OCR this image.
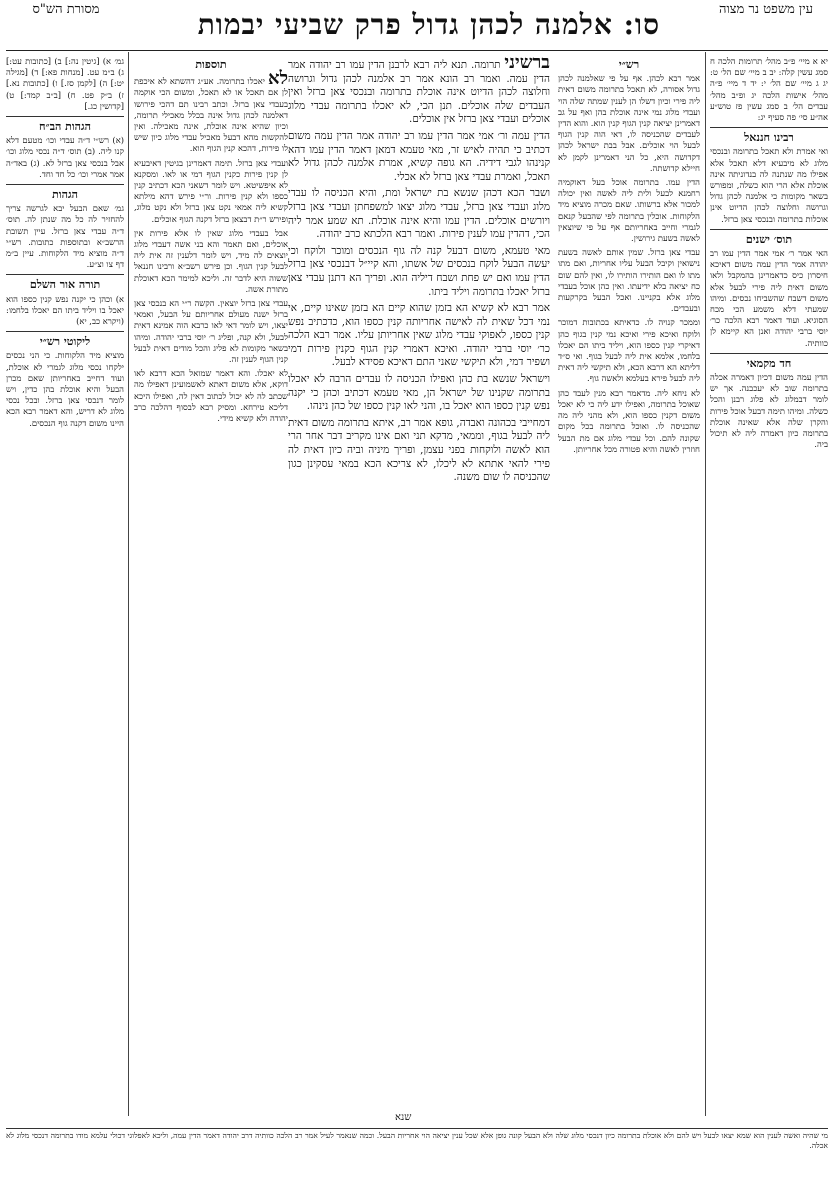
עין משפט נר מצוה
סו: אלמנה לכהן גדול פרק שביעי יבמות
מסורת הש"ס

יא א מיי׳ פ״ב מהל׳ תרומות הלכה ח סמג עשין קלה: יב ב מיי׳ שם הל׳ ט: יג ג מיי׳ שם הל׳ י: יד ד מיי׳ פ״ה מהל׳ אישות הלכה יג ופ״ב מהל׳ עבדים הל׳ ב סמג עשין פז טוש״ע אה״ע סי׳ פה סעיף יג:

רבינו חננאל

ואי אמרת ולא תאכל בתרומה ובנכסי מלוג לא מיבעיא דלא תאכל אלא אפילו מה שנתנה לה בנדוניתה אינה אוכלת אלא הרי הוא כשלה, ומפורש בשאר מקומות כי אלמנה לכהן גדול וגרושה וחלוצה לכהן הדיוט אינן אוכלות בתרומה ובנכסי צאן ברזל.

תוס׳ ישנים

האי אמר ר׳ אמי אמר הדין עמו רב יהודה אמר הדין עמה משום דאיכא חיסרון כיס כדאמרינן בהמקבל ולאו משום דאית ליה פירי לבעל אלא משום דשבח שהשביחו נכסים. ומיהו שמעתי דלא משמע הכי מכח הסוגיא. ועוד דאמר רבא הלכה כר׳ יוסי ברבי יהודה ואנן הא קיימא לן כוותיה.

חד מקמאי

הדין עמה משום דכיון דאמרה אכלה בתרומה שוב לא יעכבנה. אך יש לומר דבמלוג לא פלוג רבנן והכל כשלה. ומיהו תימה דבעל אוכל פירות והקרן שלה אלא שאינה אוכלת בתרומה כיון דאמרה ליה לא תיכול ביה.

רש״י

אמר רבא לכהן. אף על פי שאלמנה לכהן גדול אסורה, לא תאכל בתרומה משום דאית ליה פירי וכיון דשלו הן לענין שמתה שלה הוי ועבדי מלוג נמי אינה אוכלת בהן ואף על גב דאמרינן יציאה קנין הגוף קנין הוא. והוא הדין לעבדים שהכניסה לו, דאי הוה קנין הגוף לבעל הוי אוכלים. אבל בבת ישראל לכהן דקדושה היא, כל הני דאמרינן לקמן לא חיילא קדושתה.

הדין עמו. בתרומה אוכל בעל דאוקמיה רחמנא לבעל ולית ליה לאשה ואין יכולה למכור אלא ברשותו. שאם מכרה מוציא מיד הלקוחות. אוכלין בתרומה לפי שהבעל קנאם לגמרי וחייב באחריותם אף על פי שיוצאין לאשה בשעת גירושין.

עבדי צאן ברזל. שמין אותם לאשה בשעת נישואין וקיבל הבעל עליו אחריות, ואם מתו מתו לו ואם הותירו הותירו לו, ואין להם שום כח יציאה בלא ידיעתו. ואין כהן אוכל בעבדי מלוג אלא בקניינו. ואכל הבעל בקרקעות ובעבדים.

וממכר קנויה לו. כדאיתא בכתובות דמוכר ולוקח ואיכא פירי ואיכא נמי קנין בגוף כהן דאיקרי קנין כספו הוא, ויליד ביתו הם יאכלו בלחמו, אלמא אית ליה לבעל בגוף. ואי ס״ד דליתא הא דרבא הכא, ולא תיקשי ליה דאית ליה לבעל פירא בעלמא ולאשה גוף.

לא ניחא ליה. מדאמר רבא מנין לעבד כהן שאוכל בתרומה, ואפילו ידע ליה כי לא יאכל משום דקנין כספו הוא, ולא מהני ליה מה שהכניסה לו. ואוכל בתרומה בכל מקום שקונה להם. וכל עבדי מלוג אם מת הבעל חוזרין לאשה והיא פטורה מכל אחריותן.

ברשיני תרומה. תנא ליה רבא לרבנן הדין עמו רב יהודה אמר הדין עמה. ואמר רב הונא אמר רב אלמנה לכהן גדול וגרושה וחלוצה לכהן הדיוט אינה אוכלת בתרומה ובנכסי צאן ברזל ואין העבדים שלה אוכלים. תנן הכי, לא יאכלו בתרומה עבדי מלוג אוכלים ועבדי צאן ברזל אין אוכלים.

הדין עמה ור׳ אמי אמר הדין עמו רב יהודה אמר הדין עמה משום דכתיב כי תהיה לאיש זר, מאי טעמא דמאן דאמר הדין עמו דהא קנינהו לגבי דידיה. הא גופה קשיא, אמרת אלמנה לכהן גדול לא תאכל, ואמרת עבדי צאן ברזל לא אכלי.

ושבר הכא דכהן שנשא בת ישראל ומת, והיא הכניסה לו עבדי מלוג ועבדי צאן ברזל, עבדי מלוג יצאו למשפחתן ועבדי צאן ברזל ויורשים אוכלים. הדין עמו והיא אינה אוכלת. תא שמע אמר ליה הכי, דהדין עמו לענין פירות. ואמר רבא הלכתא כרב יהודה.

מאי טעמא, משום דבעל קנה לה גוף הנכסים ומוכר ולוקח וכי יעשה הבעל לוקח בנכסים של אשתו, והא קיי״ל דבנכסי צאן ברזל הדין עמו ואם יש פחת ושבח דיליה הוא. ופריך הא דתנן עבדי צאן ברזל יאכלו בתרומה ויליד ביתו.

אמר רבא לא קשיא הא בזמן שהוא קיים הא בזמן שאינו קיים, אי נמי דכל שאית לה לאישה אחריותה קנין כספו הוא, כדכתיב נפש קנין כספו, לאפוקי עבדי מלוג שאין אחריותן עליו. אמר רבא הלכה כר׳ יוסי ברבי יהודה. ואיכא דאמרי קנין הגוף כקנין פירות דמי ושפיר דמי, ולא תיקשי שאני התם דאיכא פסידא לבעל.

וישראל שנשא בת כהן ואפילו הכניסה לו עבדים הרבה לא יאכלו בתרומה שקנינו של ישראל הן, מאי טעמא דכתיב וכהן כי יקנה נפש קנין כספו הוא יאכל בו, והני לאו קנין כספו של כהן נינהו.

דמחייבי בכהונה ואבדה, גופא אמר רב, איתא בתרומה משום דאית ליה לבעל בגוף, וממאי, מדקא תני ואם אינו מקריב דבר אחר הרי הוא לאשה ולוקחות בפני עצמן, ופריך מיניה וביה כיון דאית לה פירי להאי אתתא לא ליכלו, לא צריכא הכא במאי עסקינן כגון שהכניסה לו שום משנה.

תוספות

לא יאכלו בתרומה. אע״ג דהשתא לא איכפת לן אם תאכל או לא תאכל, ומשום הכי אוקמה בעבדי צאן ברזל. וכתב רבינו תם דהכי פירושו דאלמנה לכהן גדול אינה בכלל מאכילי תרומה, וכיון שהיא אינה אוכלת, אינה מאכילה. ואין להקשות מהא דבעל מאכיל עבדי מלוג כיון שיש לו פירות, דהכא קנין הגוף הוא.

ועבדי צאן ברזל. תימה דאמרינן בגיטין דאיבעיא לן קנין פירות כקנין הגוף דמי או לאו. ומסקנא לא איפשיטא. ויש לומר דשאני הכא דכתיב קנין כספו ולא קנין פירות. ור״י פירש דהא מילתא קשיא ליה אמאי נקט צאן ברזל ולא נקט מלוג, ופירש ר״ת דבצאן ברזל דקנה הגוף אוכלים.

אבל בעבדי מלוג שאין לו אלא פירות אין אוכלים, ואם תאמר והא בני אשה דעבדי מלוג יוצאים לה מיד, ויש לומר דלענין זה אית ליה לבעל קנין הגוף. וכן פירש רשב״א ורבינו חננאל ששוה היא לדבר זה. וליכא למימר הכא דאוכלת מתורת אשה.

עבדי צאן ברזל יוצאין. הקשה ר״י הא בנכסי צאן ברזל ישנה מעולם אחריותם על הבעל, ואמאי יצאו, ויש לומר דאי לאו כרבא הוה אמינא דאית לבעל, ולא קנה, ופליג ר׳ יוסי ברבי יהודה. ומיהו בשאר מקומות לא פליג והכל מודים דאית לבעל קנין הגוף לענין זה.

לא יאכלו. והא דאמר שמואל הכא דרבא לאו דוקא, אלא משום דאתא לאשמועינן דאפילו מה שכתב לה לא יכול לכתוב דאין לה, ואפילו היכא דליכא טירחא. ומסיק רבא לבסוף דהלכה כרב יהודה ולא קשיא מידי.

גמ׳ א) [גיטין נה:] ב) [כתובות עט:] ג) ב״מ עט. [מנחות פא:] ד) [מגילה יט:] ה) [לקמן סז.] ו) [כתובות נא.] ז) ב״ק פט. ח) [ב״ב קמד:] ט) [קדושין כג.]

הגהות הב״ח

(א) רש״י ד״ה עבדי וכו׳ מטעם דלא קנו ליה. (ב) תוס׳ ד״ה נכסי מלוג וכו׳ אבל בנכסי צאן ברזל לא. (ג) באד״ה אמר אמרי וכו׳ כל חד וחד.

הגהות

גמ׳ שאם הבעל יבא לגרשה צריך להחזיר לה כל מה שנתן לה. תוס׳ ד״ה עבדי צאן ברזל. עיין תשובת הרשב״א ובתוספות כתובות. רש״י ד״ה מוציא מיד הלקוחות. עיין ב״מ דף צו וצ״ע.

תורה אור השלם

א) וכהן כי יקנה נפש קנין כספו הוא יאכל בו ויליד ביתו הם יאכלו בלחמו: (ויקרא כב, יא)

ליקוטי רש״י

מוציא מיד הלקוחות. כי הני נכסים ילקחו נכסי מלוג לגמרי לא אוכלת, ועוד דחייב באחריותן שאם מכרן הבעל והיא אוכלת בהן כדין, ויש לומר דנכסי צאן ברזל. ובכל נכסי מלוג לא דריש, והא דאמר רבא הכא היינו משום דקנה גוף הנכסים.

שנא
מי שהיה ואשה לענין הוא שמא יצאו לבעל ויש להם ולא אוכלת בתרומה כיון דנכסי מלוג שלה ולא הבעל קונה גופן אלא שכל ענין יציאה הוי אחריות הבעל. וכמה שנאמר לעיל אמר רב הלכה כוותיה דרב יהודה דאמר הדין עמה, וליכא לאפלוגי דכולי עלמא מודו בתרומה דנכסי מלוג לא אכלה.
